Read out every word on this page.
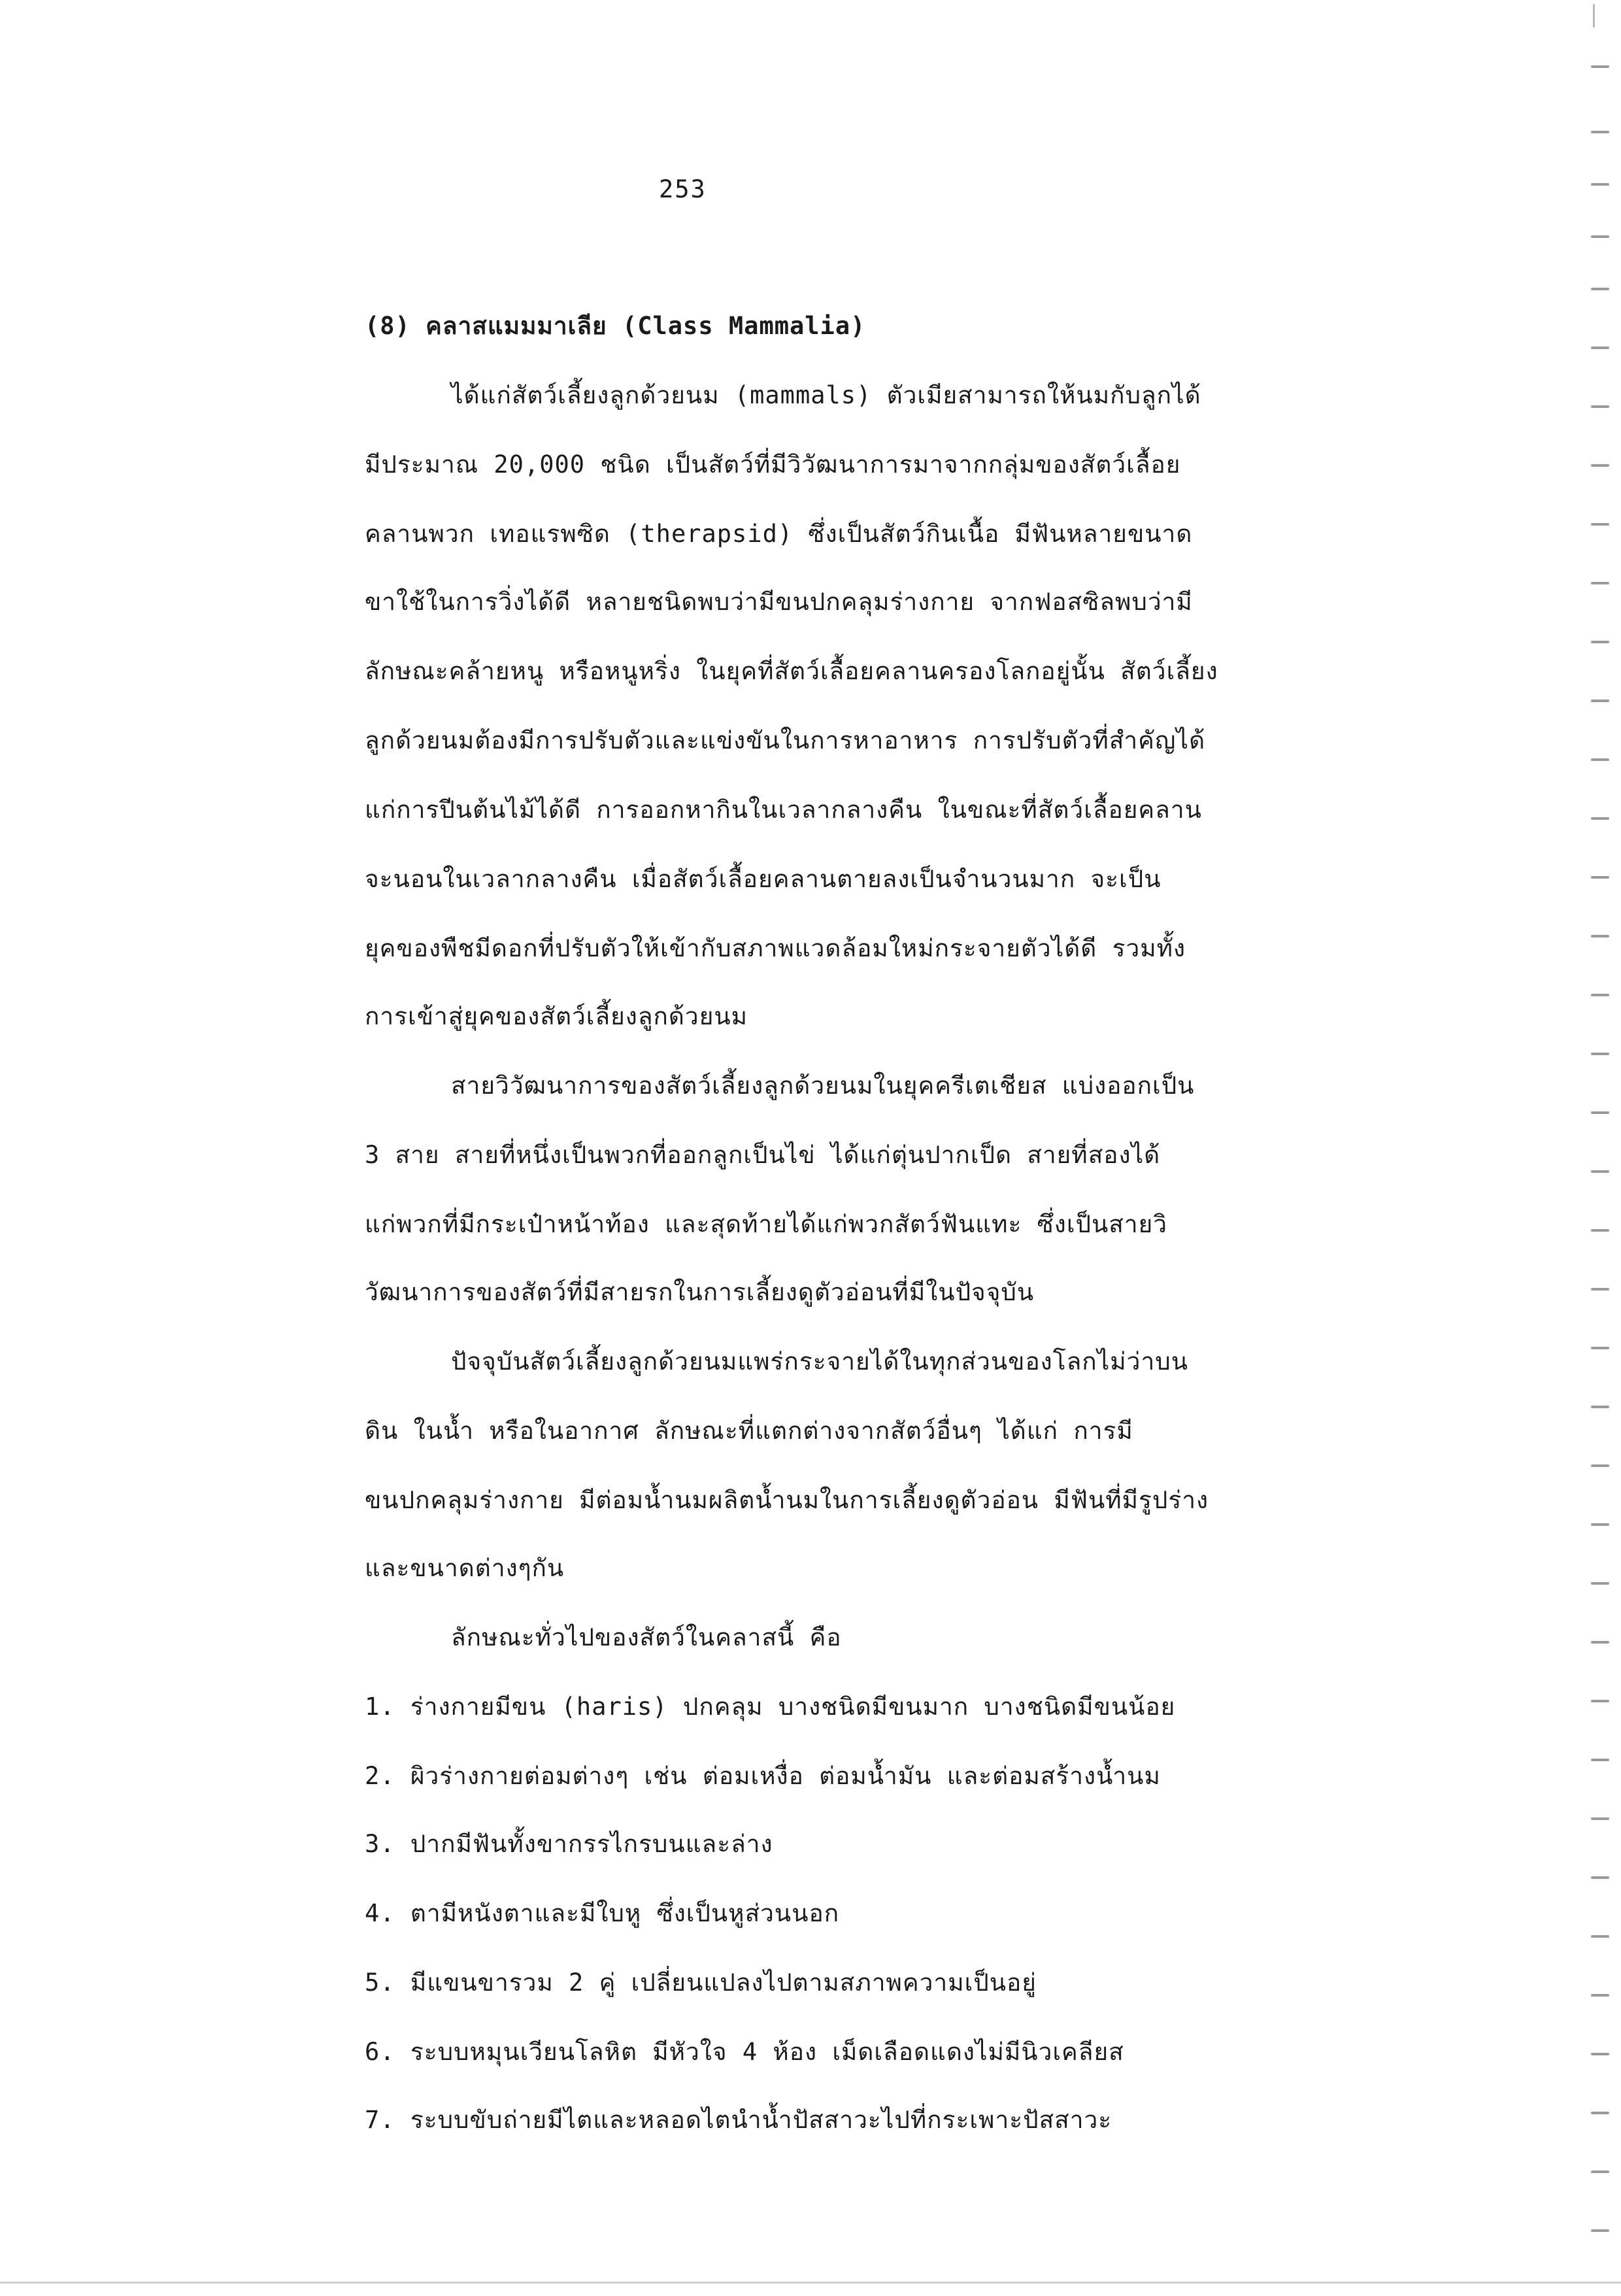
253
(8) คลาสแมมมาเลีย (Class Mammalia)
ได้แก่สัตว์เลี้ยงลูกด้วยนม (mammals) ตัวเมียสามารถให้นมกับลูกได้
มีประมาณ 20,000 ชนิด เป็นสัตว์ที่มีวิวัฒนาการมาจากกลุ่มของสัตว์เลื้อย
คลานพวก เทอแรพซิด (therapsid) ซึ่งเป็นสัตว์กินเนื้อ มีฟันหลายขนาด
ขาใช้ในการวิ่งได้ดี หลายชนิดพบว่ามีขนปกคลุมร่างกาย จากฟอสซิลพบว่ามี
ลักษณะคล้ายหนู หรือหนูหริ่ง ในยุคที่สัตว์เลื้อยคลานครองโลกอยู่นั้น สัตว์เลี้ยง
ลูกด้วยนมต้องมีการปรับตัวและแข่งขันในการหาอาหาร การปรับตัวที่สำคัญได้
แก่การปีนต้นไม้ได้ดี การออกหากินในเวลากลางคืน ในขณะที่สัตว์เลื้อยคลาน
จะนอนในเวลากลางคืน เมื่อสัตว์เลื้อยคลานตายลงเป็นจำนวนมาก จะเป็น
ยุคของพืชมีดอกที่ปรับตัวให้เข้ากับสภาพแวดล้อมใหม่กระจายตัวได้ดี รวมทั้ง
การเข้าสู่ยุคของสัตว์เลี้ยงลูกด้วยนม
สายวิวัฒนาการของสัตว์เลี้ยงลูกด้วยนมในยุคครีเตเชียส แบ่งออกเป็น
3 สาย สายที่หนึ่งเป็นพวกที่ออกลูกเป็นไข่ ได้แก่ตุ่นปากเป็ด สายที่สองได้
แก่พวกที่มีกระเป๋าหน้าท้อง และสุดท้ายได้แก่พวกสัตว์ฟันแทะ ซึ่งเป็นสายวิ
วัฒนาการของสัตว์ที่มีสายรกในการเลี้ยงดูตัวอ่อนที่มีในปัจจุบัน
ปัจจุบันสัตว์เลี้ยงลูกด้วยนมแพร่กระจายได้ในทุกส่วนของโลกไม่ว่าบน
ดิน ในน้ำ หรือในอากาศ ลักษณะที่แตกต่างจากสัตว์อื่นๆ ได้แก่ การมี
ขนปกคลุมร่างกาย มีต่อมน้ำนมผลิตน้ำนมในการเลี้ยงดูตัวอ่อน มีฟันที่มีรูปร่าง
และขนาดต่างๆกัน
ลักษณะทั่วไปของสัตว์ในคลาสนี้ คือ
1. ร่างกายมีขน (haris) ปกคลุม บางชนิดมีขนมาก บางชนิดมีขนน้อย
2. ผิวร่างกายต่อมต่างๆ เช่น ต่อมเหงื่อ ต่อมน้ำมัน และต่อมสร้างน้ำนม
3. ปากมีฟันทั้งขากรรไกรบนและล่าง
4. ตามีหนังตาและมีใบหู ซึ่งเป็นหูส่วนนอก
5. มีแขนขารวม 2 คู่ เปลี่ยนแปลงไปตามสภาพความเป็นอยู่
6. ระบบหมุนเวียนโลหิต มีหัวใจ 4 ห้อง เม็ดเลือดแดงไม่มีนิวเคลียส
7. ระบบขับถ่ายมีไตและหลอดไตนำน้ำปัสสาวะไปที่กระเพาะปัสสาวะ
